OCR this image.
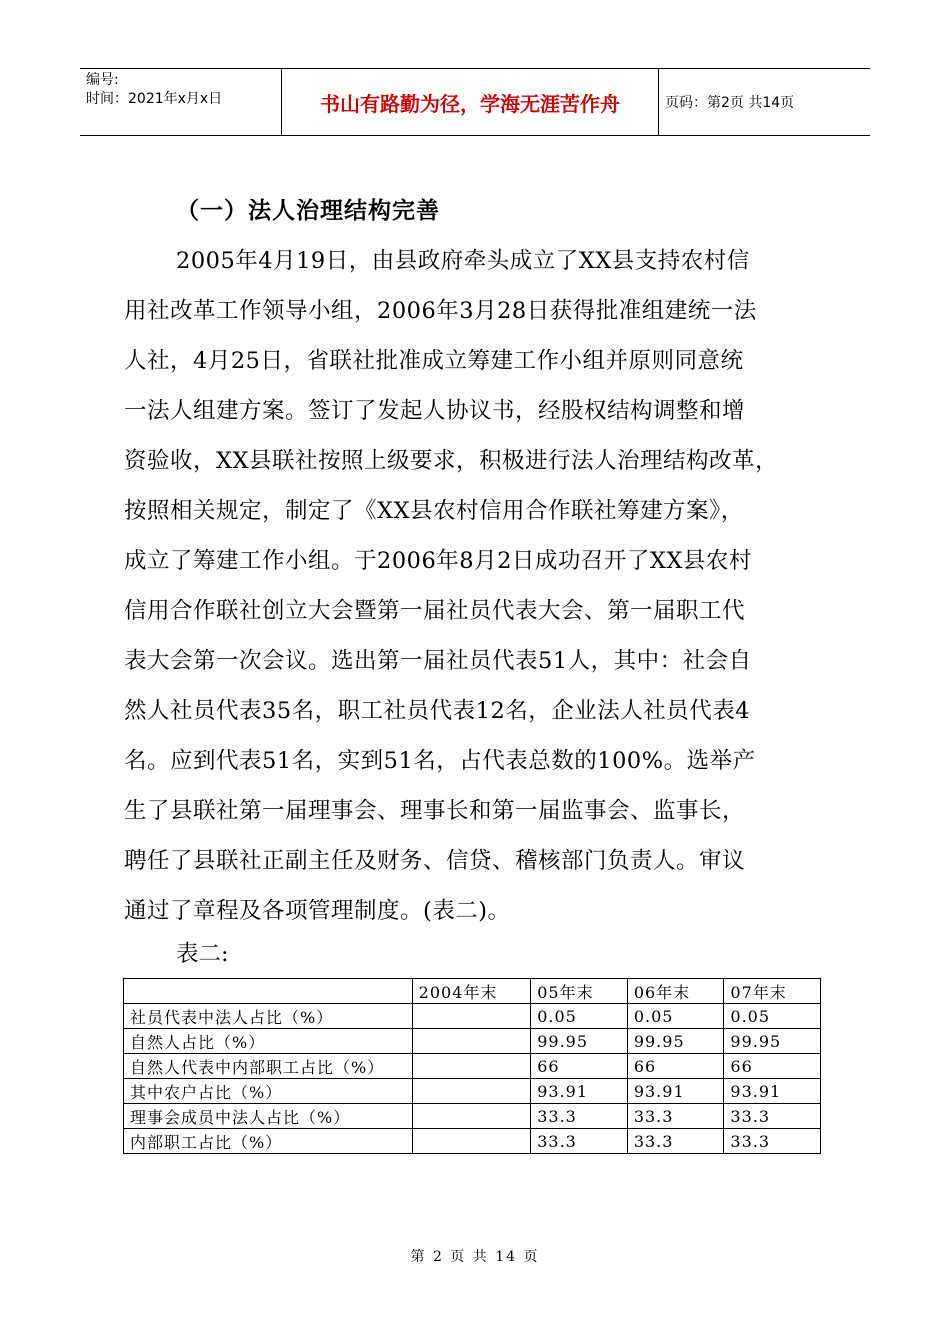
编号:
时间：2021年x月x日	书山有路勤为径，学海无涯苦作舟	页码：第2页 共14页
（一）法人治理结构完善
2005年4月19日，由县政府牵头成立了XX县支持农村信
用社改革工作领导小组，2006年3月28日获得批准组建统一法
人社，4月25日，省联社批准成立筹建工作小组并原则同意统
一法人组建方案。签订了发起人协议书，经股权结构调整和增
资验收，XX县联社按照上级要求，积极进行法人治理结构改革，
按照相关规定，制定了《XX县农村信用合作联社筹建方案》，
成立了筹建工作小组。于2006年8月2日成功召开了XX县农村
信用合作联社创立大会暨第一届社员代表大会、第一届职工代
表大会第一次会议。选出第一届社员代表51人，其中：社会自
然人社员代表35名，职工社员代表12名，企业法人社员代表4
名。应到代表51名，实到51名，占代表总数的100%。选举产
生了县联社第一届理事会、理事长和第一届监事会、监事长，
聘任了县联社正副主任及财务、信贷、稽核部门负责人。审议
通过了章程及各项管理制度。(表二)。
表二:
	2004年末	05年末	06年末	07年末
社员代表中法人占比（%）		0.05	0.05	0.05
自然人占比（%）		99.95	99.95	99.95
自然人代表中内部职工占比（%）		66	66	66
其中农户占比（%）		93.91	93.91	93.91
理事会成员中法人占比（%）		33.3	33.3	33.3
内部职工占比（%）		33.3	33.3	33.3
第 2 页 共 14 页
